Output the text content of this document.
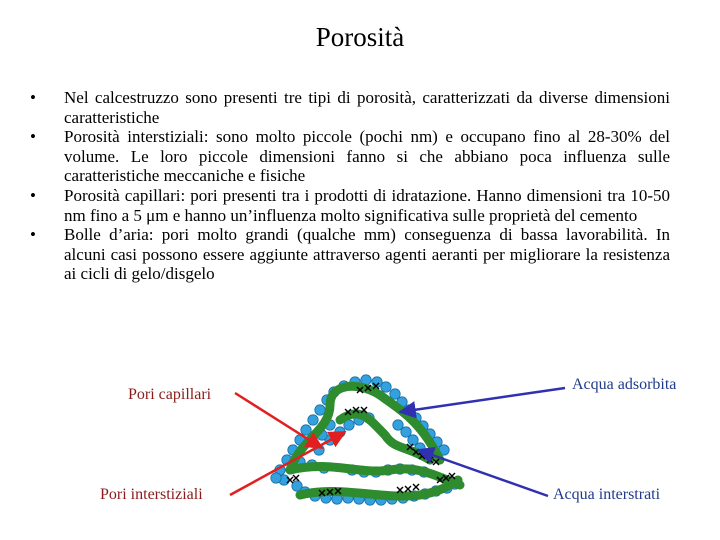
Porosità
• Nel calcestruzzo sono presenti tre tipi di porosità, caratterizzati da diverse dimensioni caratteristiche
• Porosità interstiziali: sono molto piccole (pochi nm) e occupano fino al 28-30% del volume. Le loro piccole dimensioni fanno si che abbiano poca influenza sulle caratteristiche meccaniche e fisiche
• Porosità capillari: pori presenti tra i prodotti di idratazione. Hanno dimensioni tra 10-50 nm fino a 5 μm e hanno un’influenza molto significativa sulle proprietà del cemento
• Bolle d’aria: pori molto grandi (qualche mm) conseguenza di bassa lavorabilità. In alcuni casi possono essere aggiunte attraverso agenti aeranti per migliorare la resistenza ai cicli di gelo/disgelo
Pori capillari
Pori interstiziali
Acqua adsorbita
Acqua interstrati
